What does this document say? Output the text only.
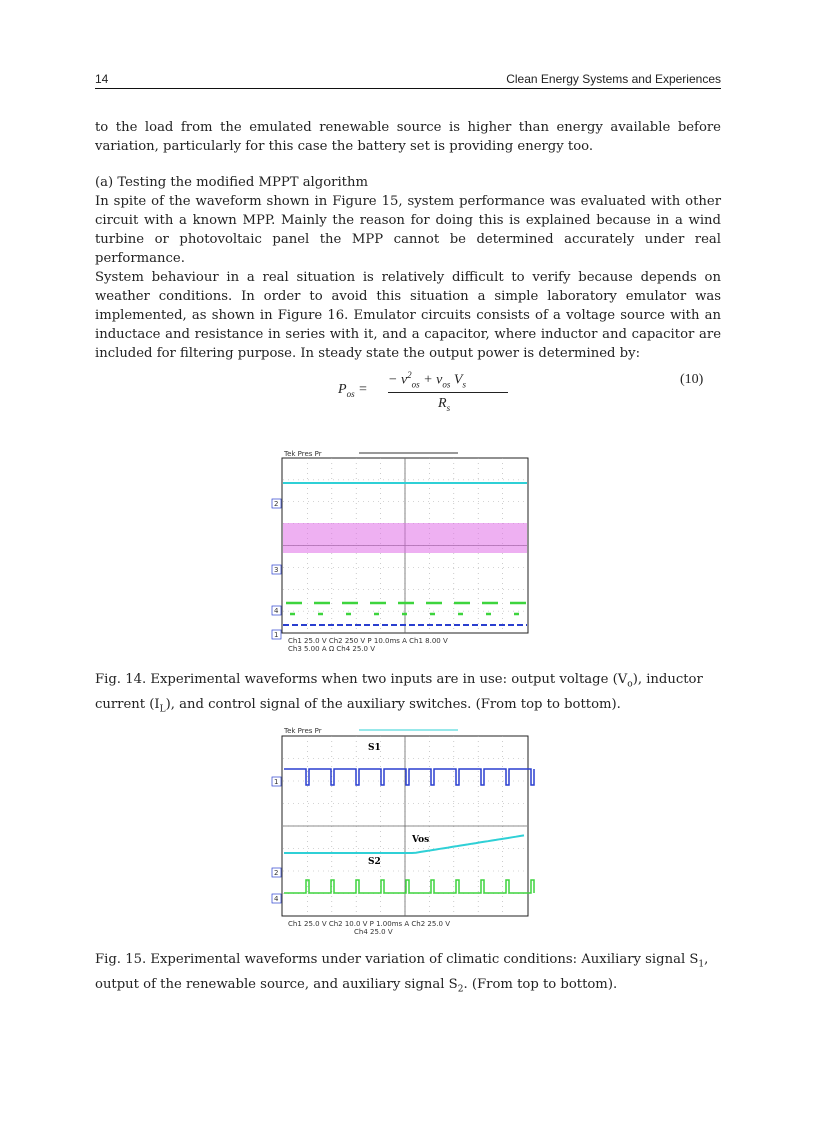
14	Clean Energy Systems and Experiences

to the load from the emulated renewable source is higher than energy available before variation, particularly for this case the battery set is providing energy too.

(a) Testing the modified MPPT algorithm

In spite of the waveform shown in Figure 15, system performance was evaluated with other circuit with a known MPP. Mainly the reason for doing this is explained because in a wind turbine or photovoltaic panel the MPP cannot be determined accurately under real performance.

System behaviour in a real situation is relatively difficult to verify because depends on weather conditions. In order to avoid this situation a simple laboratory emulator was implemented, as shown in Figure 16. Emulator circuits consists of a voltage source with an inductace and resistance in series with it, and a capacitor, where inductor and capacitor are included for filtering purpose. In steady state the output power is determined by:

$P_{os}$ =
− $v^2_{os} + v_{os}$ $V_s$
$R_s$
(10)
Tek Pres Pr
2
3
4
1
Ch1 25.0 V Ch2 250 V P 10.0ms A Ch1 8.00 V
Ch3 5.00 A Ω Ch4 25.0 V
Fig. 14. Experimental waveforms when two inputs are in use: output voltage $(V_o)$, inductor current $(I_L)$, and control signal of the auxiliary switches. (From top to bottom).
Tek Pres Pr
S1
Vos
S2
1
2
4
Ch1 25.0 V Ch2 10.0 V P 1.00ms A Ch2 25.0 V
Ch4 25.0 V
Fig. 15. Experimental waveforms under variation of climatic conditions: Auxiliary signal $S_1$, output of the renewable source, and auxiliary signal $S_2$. (From top to bottom).
